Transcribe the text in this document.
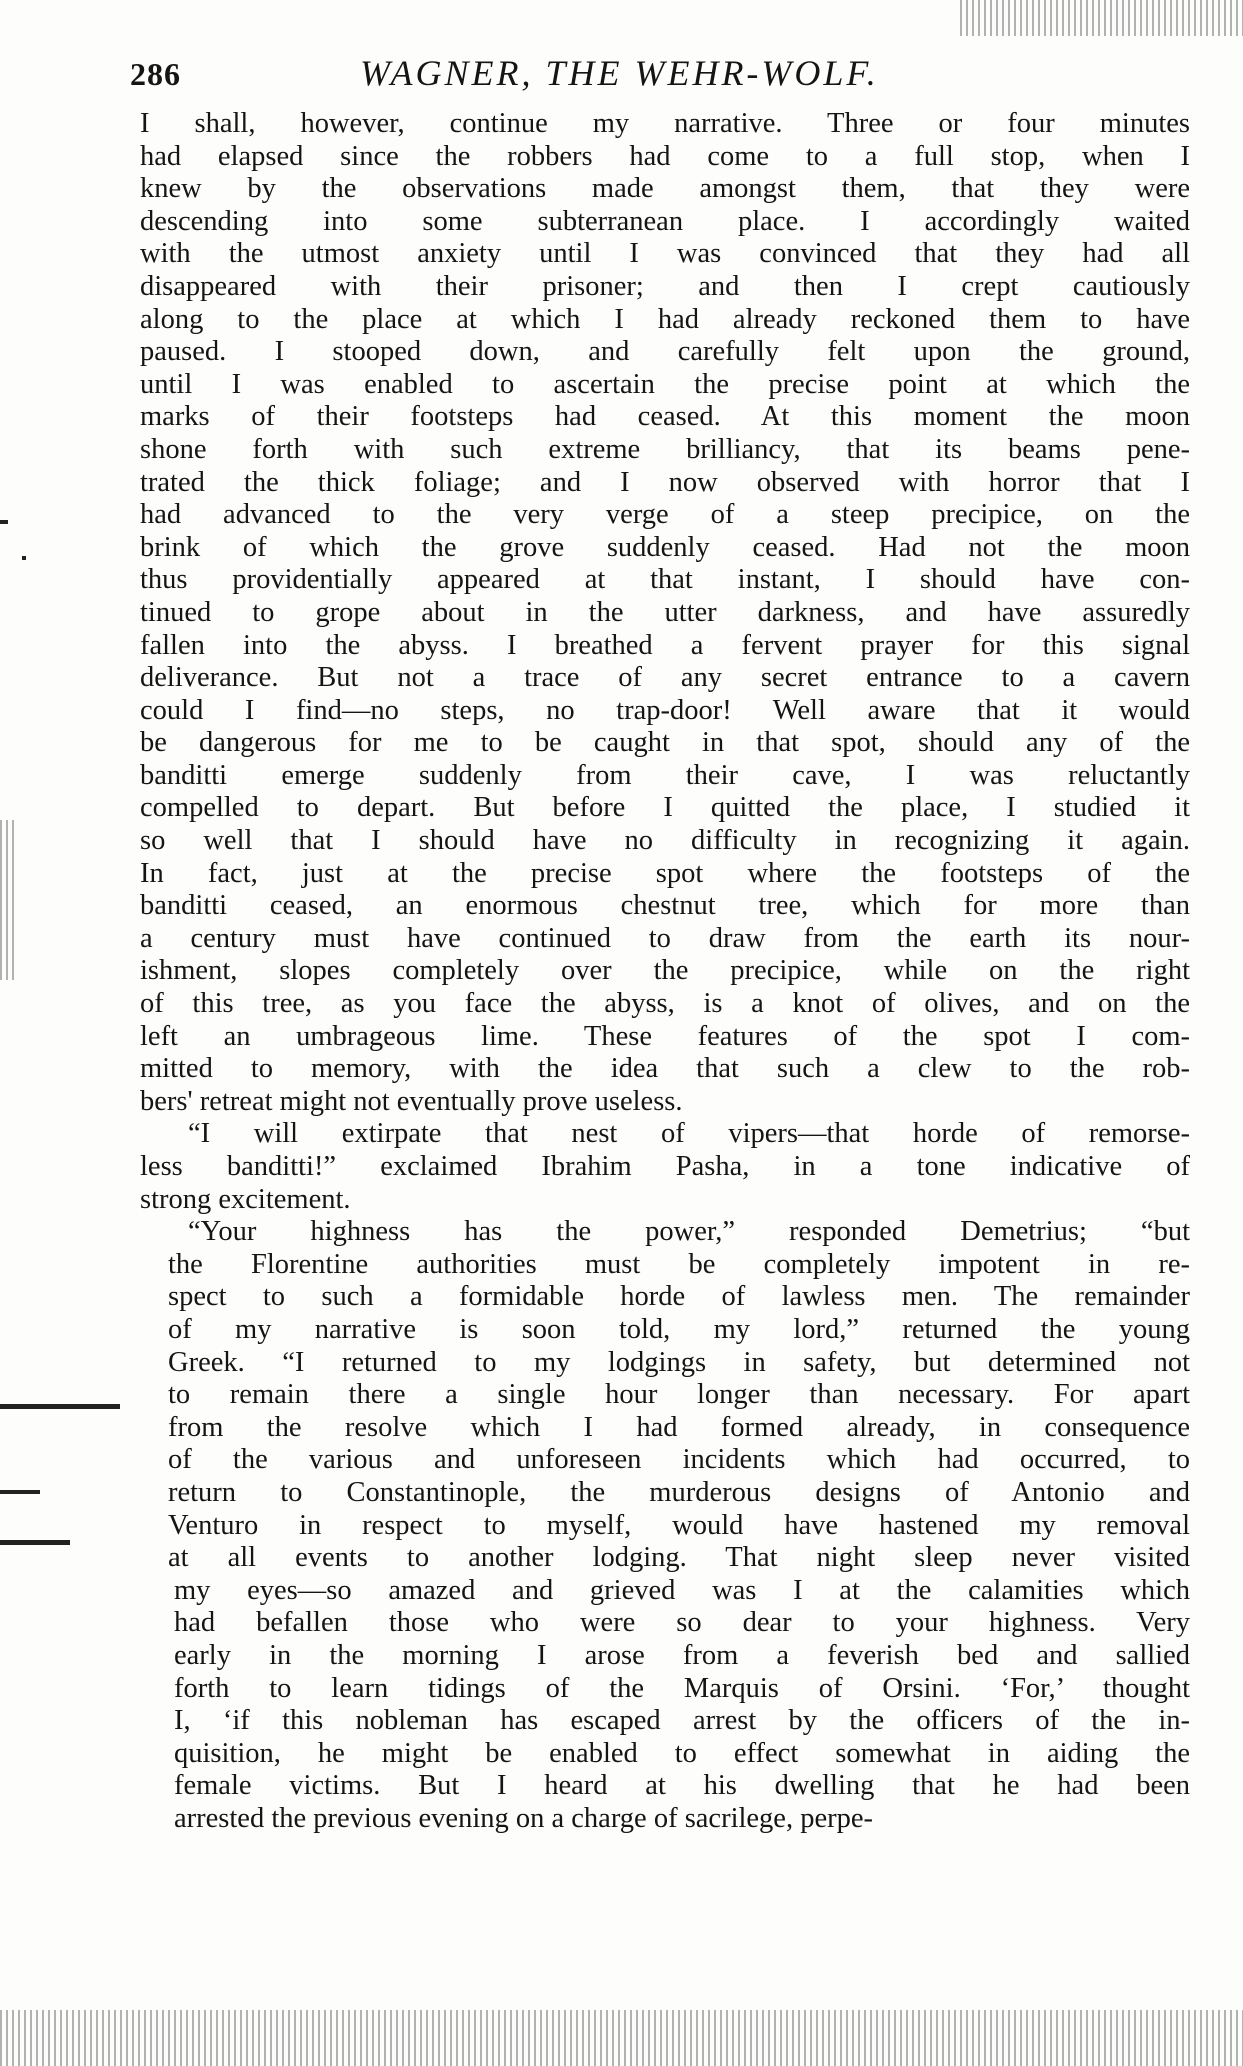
286	WAGNER, THE WEHR-WOLF.
I shall, however, continue my narrative. Three or four minutes
had elapsed since the robbers had come to a full stop, when I
knew by the observations made amongst them, that they were
descending into some subterranean place. I accordingly waited
with the utmost anxiety until I was convinced that they had all
disappeared with their prisoner; and then I crept cautiously
along to the place at which I had already reckoned them to have
paused. I stooped down, and carefully felt upon the ground,
until I was enabled to ascertain the precise point at which the
marks of their footsteps had ceased. At this moment the moon
shone forth with such extreme brilliancy, that its beams pene-
trated the thick foliage; and I now observed with horror that I
had advanced to the very verge of a steep precipice, on the
brink of which the grove suddenly ceased. Had not the moon
thus providentially appeared at that instant, I should have con-
tinued to grope about in the utter darkness, and have assuredly
fallen into the abyss. I breathed a fervent prayer for this signal
deliverance. But not a trace of any secret entrance to a cavern
could I find—no steps, no trap-door! Well aware that it would
be dangerous for me to be caught in that spot, should any of the
banditti emerge suddenly from their cave, I was reluctantly
compelled to depart. But before I quitted the place, I studied it
so well that I should have no difficulty in recognizing it again.
In fact, just at the precise spot where the footsteps of the
banditti ceased, an enormous chestnut tree, which for more than
a century must have continued to draw from the earth its nour-
ishment, slopes completely over the precipice, while on the right
of this tree, as you face the abyss, is a knot of olives, and on the
left an umbrageous lime. These features of the spot I com-
mitted to memory, with the idea that such a clew to the rob-
bers' retreat might not eventually prove useless.
“I will extirpate that nest of vipers—that horde of remorse-
less banditti!” exclaimed Ibrahim Pasha, in a tone indicative of
strong excitement.
“Your highness has the power,” responded Demetrius; “but
the Florentine authorities must be completely impotent in re-
spect to such a formidable horde of lawless men. The remainder
of my narrative is soon told, my lord,” returned the young
Greek. “I returned to my lodgings in safety, but determined not
to remain there a single hour longer than necessary. For apart
from the resolve which I had formed already, in consequence
of the various and unforeseen incidents which had occurred, to
return to Constantinople, the murderous designs of Antonio and
Venturo in respect to myself, would have hastened my removal
at all events to another lodging. That night sleep never visited
my eyes—so amazed and grieved was I at the calamities which
had befallen those who were so dear to your highness. Very
early in the morning I arose from a feverish bed and sallied
forth to learn tidings of the Marquis of Orsini. ‘For,’ thought
I, ‘if this nobleman has escaped arrest by the officers of the in-
quisition, he might be enabled to effect somewhat in aiding the
female victims. But I heard at his dwelling that he had been
arrested the previous evening on a charge of sacrilege, perpe-
